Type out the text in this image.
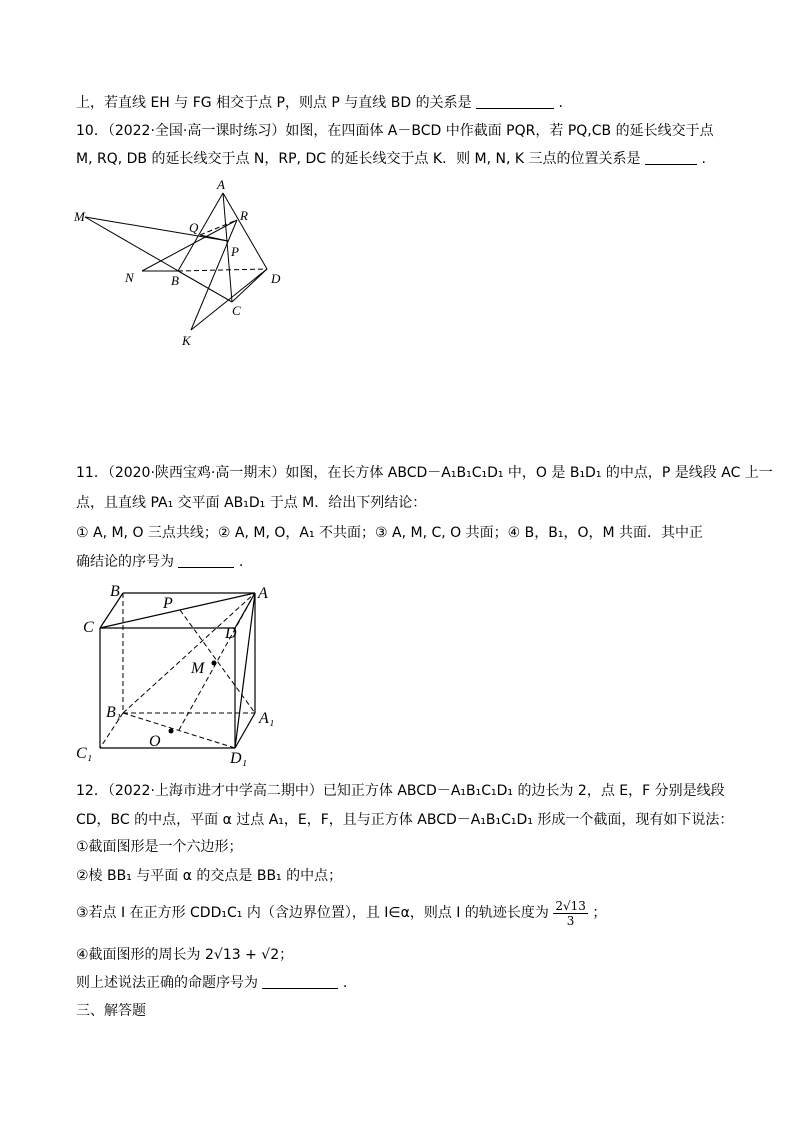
上，若直线 EH 与 FG 相交于点 P，则点 P 与直线 BD 的关系是	.
10．（2022·全国·高一课时练习）如图，在四面体 A－BCD 中作截面 PQR，若 PQ,CB 的延长线交于点
M, RQ, DB 的延长线交于点 N，RP, DC 的延长线交于点 K．则 M, N, K 三点的位置关系是	.
A
M
Q
R
P
N	B	D
C
K
11．（2020·陕西宝鸡·高一期末）如图，在长方体 ABCD－A₁B₁C₁D₁ 中，O 是 B₁D₁ 的中点，P 是线段 AC 上一
点，且直线 PA₁ 交平面 AB₁D₁ 于点 M．给出下列结论：
① A, M, O 三点共线；② A, M, O，A₁ 不共面；③ A, M, C, O 共面；④ B，B₁，O，M 共面．其中正
确结论的序号为	.
B
P
A
C	D
M
B₁	A₁
O
C₁	D₁
12．（2022·上海市进才中学高二期中）已知正方体 ABCD－A₁B₁C₁D₁ 的边长为 2，点 E，F 分别是线段
CD，BC 的中点，平面 α 过点 A₁，E，F，且与正方体 ABCD－A₁B₁C₁D₁ 形成一个截面，现有如下说法：
①截面图形是一个六边形；
②棱 BB₁ 与平面 α 的交点是 BB₁ 的中点；
③若点 I 在正方形 CDD₁C₁ 内（含边界位置），且 I∈α，则点 I 的轨迹长度为 $\frac{2√13}{3}$ ；
④截面图形的周长为 2√13 + √2；
则上述说法正确的命题序号为	.
三、解答题
